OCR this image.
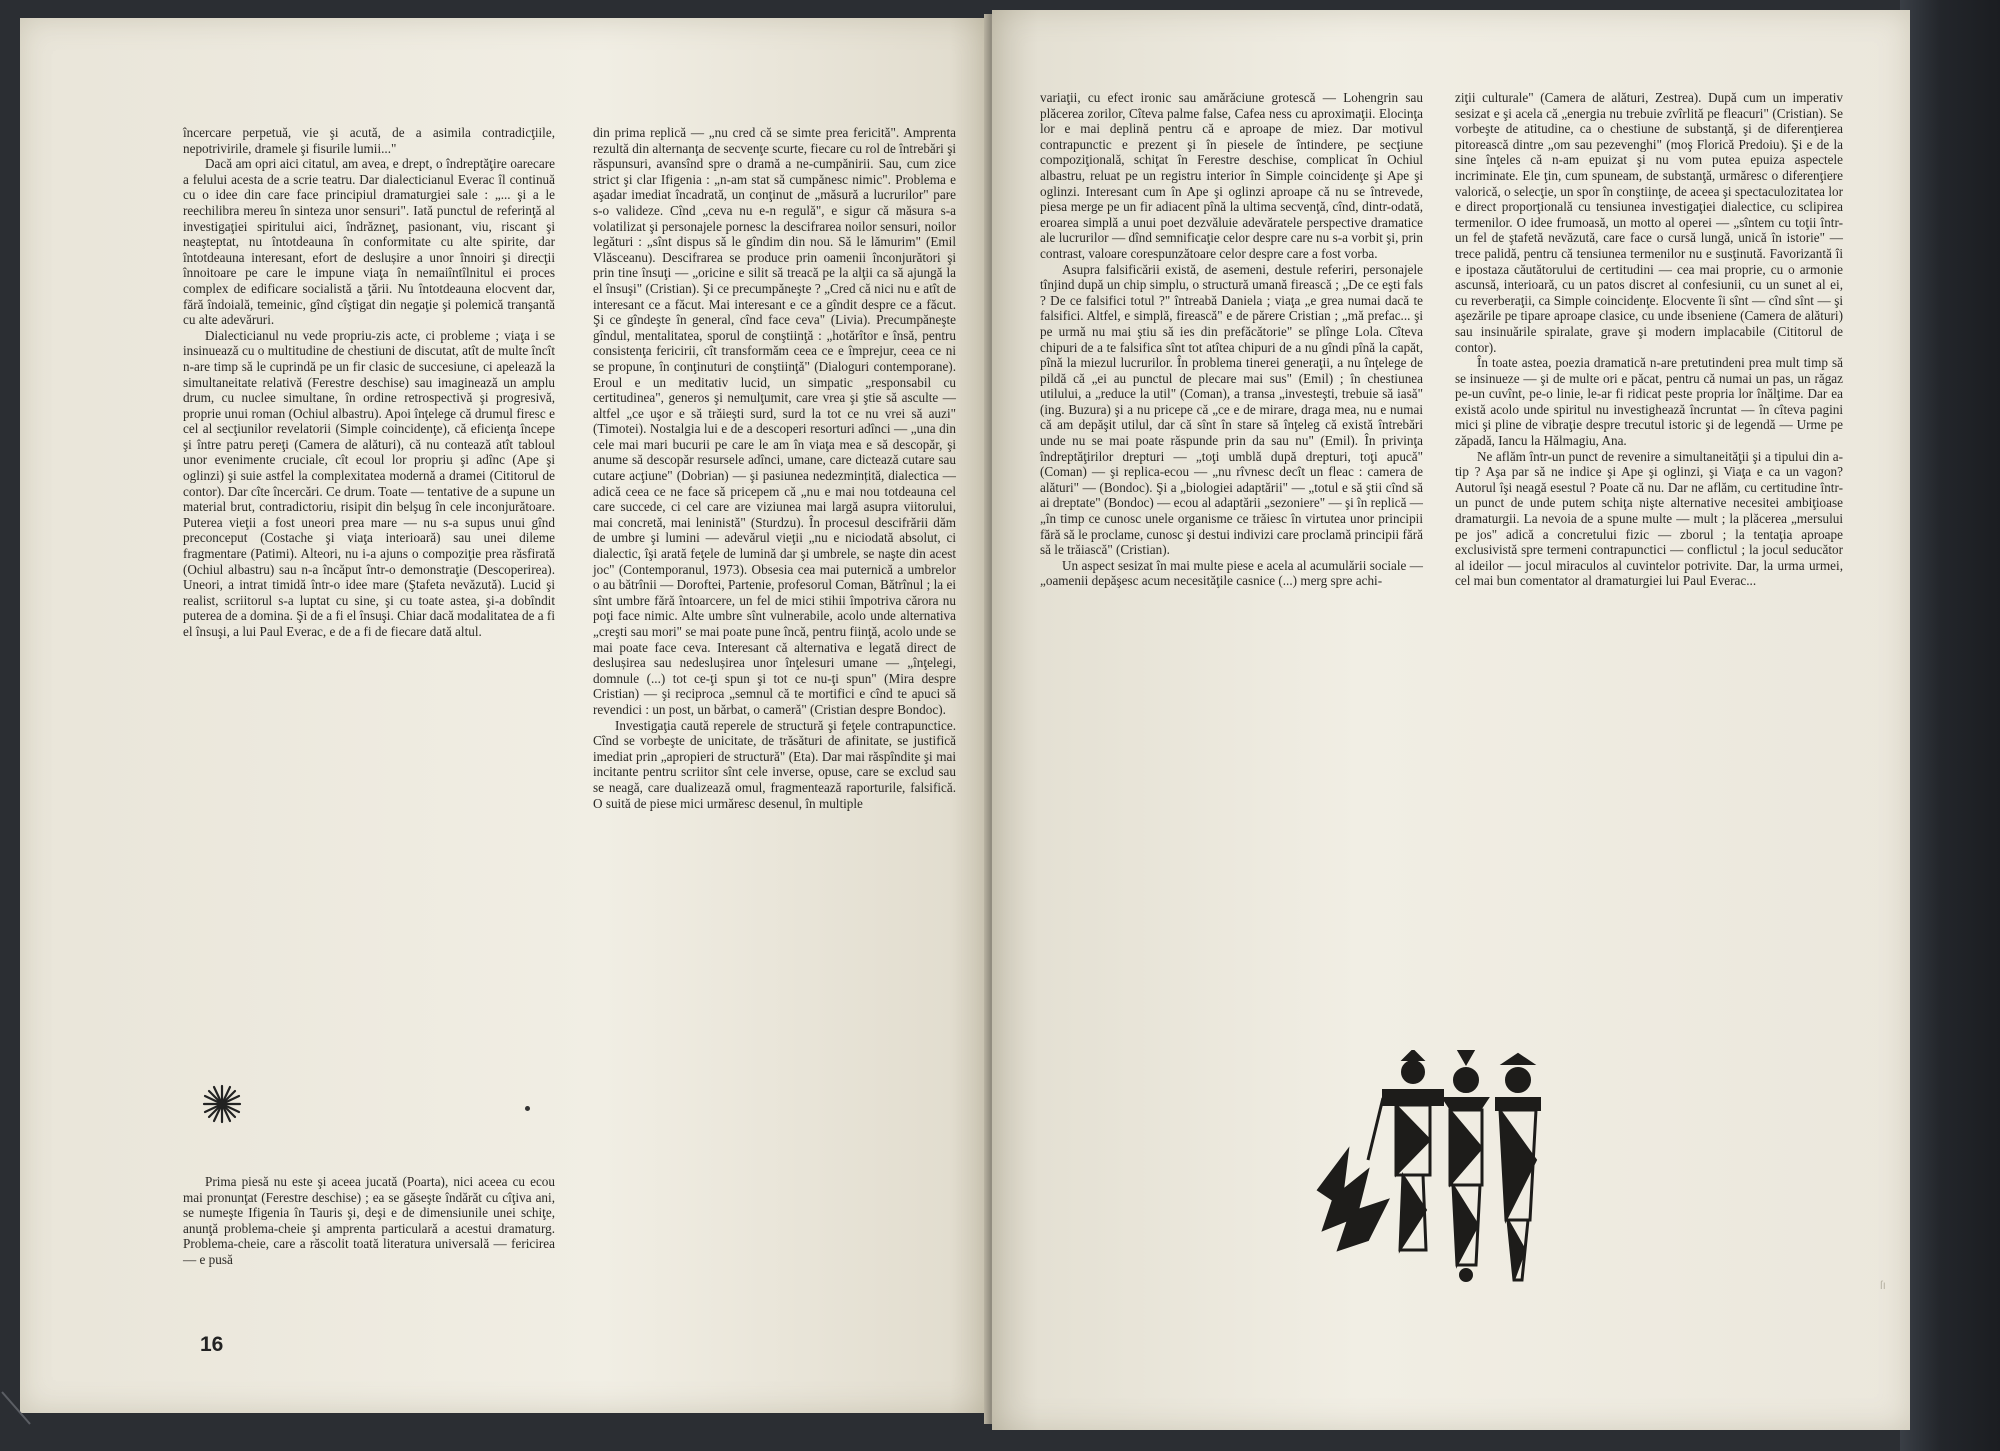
încercare perpetuă, vie şi acută, de a asimila contradicţiile, nepotrivirile, dramele şi fisurile lumii..."

Dacă am opri aici citatul, am avea, e drept, o îndreptăţire oarecare a felului acesta de a scrie teatru. Dar dialecticianul Everac îl continuă cu o idee din care face principiul dramaturgiei sale : „... şi a le reechilibra mereu în sinteza unor sensuri". Iată punctul de referinţă al investigaţiei spiritului aici, îndrăzneţ, pasionant, viu, riscant şi neaşteptat, nu întotdeauna în conformitate cu alte spirite, dar întotdeauna interesant, efort de deslușire a unor înnoiri şi direcţii înnoitoare pe care le impune viaţa în nemaiîntîlnitul ei proces complex de edificare socialistă a ţării. Nu întotdeauna elocvent dar, fără îndoială, temeinic, gînd cîştigat din negaţie şi polemică tranşantă cu alte adevăruri.

Dialecticianul nu vede propriu-zis acte, ci probleme ; viaţa i se insinuează cu o multitudine de chestiuni de discutat, atît de multe încît n-are timp să le cuprindă pe un fir clasic de succesiune, ci apelează la simultaneitate relativă (Ferestre deschise) sau imaginează un amplu drum, cu nuclee simultane, în ordine retrospectivă şi progresivă, proprie unui roman (Ochiul albastru). Apoi înţelege că drumul firesc e cel al secţiunilor revelatorii (Simple coincidenţe), că eficienţa începe şi între patru pereţi (Camera de alături), că nu contează atît tabloul unor evenimente cruciale, cît ecoul lor propriu şi adînc (Ape şi oglinzi) şi suie astfel la complexitatea modernă a dramei (Cititorul de contor). Dar cîte încercări. Ce drum. Toate — tentative de a supune un material brut, contradictoriu, risipit din belşug în cele inconjurătoare. Puterea vieţii a fost uneori prea mare — nu s-a supus unui gînd preconceput (Costache şi viaţa interioară) sau unei dileme fragmentare (Patimi). Alteori, nu i-a ajuns o compoziţie prea răsfirată (Ochiul albastru) sau n-a încăput într-o demonstraţie (Descoperirea). Uneori, a intrat timidă într-o idee mare (Ştafeta nevăzută). Lucid şi realist, scriitorul s-a luptat cu sine, şi cu toate astea, şi-a dobîndit puterea de a domina. Şi de a fi el însuşi. Chiar dacă modalitatea de a fi el însuşi, a lui Paul Everac, e de a fi de fiecare dată altul.

Prima piesă nu este şi aceea jucată (Poarta), nici aceea cu ecou mai pronunţat (Ferestre deschise) ; ea se găseşte îndărăt cu cîţiva ani, se numeşte Ifigenia în Tauris şi, deşi e de dimensiunile unei schiţe, anunţă problema-cheie şi amprenta particulară a acestui dramaturg. Problema-cheie, care a răscolit toată literatura universală — fericirea — e pusă

din prima replică — „nu cred că se simte prea fericită". Amprenta rezultă din alternanţa de secvenţe scurte, fiecare cu rol de întrebări şi răspunsuri, avansînd spre o dramă a ne-cumpănirii. Sau, cum zice strict şi clar Ifigenia : „n-am stat să cumpănesc nimic". Problema e aşadar imediat încadrată, un conţinut de „măsură a lucrurilor" pare s-o valideze. Cînd „ceva nu e-n regulă", e sigur că măsura s-a volatilizat şi personajele pornesc la descifrarea noilor sensuri, noilor legături : „sînt dispus să le gîndim din nou. Să le lămurim" (Emil Vlăsceanu). Descifrarea se produce prin oamenii înconjurători şi prin tine însuţi — „oricine e silit să treacă pe la alţii ca să ajungă la el însuşi" (Cristian). Şi ce precumpăneşte ? „Cred că nici nu e atît de interesant ce a făcut. Mai interesant e ce a gîndit despre ce a făcut. Şi ce gîndeşte în general, cînd face ceva" (Livia). Precumpăneşte gîndul, mentalitatea, sporul de conştiinţă : „hotărîtor e însă, pentru consistenţa fericirii, cît transformăm ceea ce e împrejur, ceea ce ni se propune, în conţinuturi de conştiinţă" (Dialoguri contemporane). Eroul e un meditativ lucid, un simpatic „responsabil cu certitudinea", generos şi nemulţumit, care vrea şi ştie să asculte — altfel „ce uşor e să trăieşti surd, surd la tot ce nu vrei să auzi" (Timotei). Nostalgia lui e de a descoperi resorturi adînci — „una din cele mai mari bucurii pe care le am în viaţa mea e să descopăr, şi anume să descopăr resursele adînci, umane, care dictează cutare sau cutare acţiune" (Dobrian) — şi pasiunea nedezmințită, dialectica — adică ceea ce ne face să pricepem că „nu e mai nou totdeauna cel care succede, ci cel care are viziunea mai largă asupra viitorului, mai concretă, mai leninistă" (Sturdzu). În procesul descifrării dăm de umbre şi lumini — adevărul vieţii „nu e niciodată absolut, ci dialectic, îşi arată feţele de lumină dar şi umbrele, se naşte din acest joc" (Contemporanul, 1973). Obsesia cea mai puternică a umbrelor o au bătrînii — Doroftei, Partenie, profesorul Coman, Bătrînul ; la ei sînt umbre fără întoarcere, un fel de mici stihii împotriva cărora nu poţi face nimic. Alte umbre sînt vulnerabile, acolo unde alternativa „creşti sau mori" se mai poate pune încă, pentru fiinţă, acolo unde se mai poate face ceva. Interesant că alternativa e legată direct de deslușirea sau nedeslușirea unor înţelesuri umane — „înţelegi, domnule (...) tot ce-ţi spun şi tot ce nu-ţi spun" (Mira despre Cristian) — şi reciproca „semnul că te mortifici e cînd te apuci să revendici : un post, un bărbat, o cameră" (Cristian despre Bondoc).

Investigaţia caută reperele de structură şi feţele contrapunctice. Cînd se vorbeşte de unicitate, de trăsături de afinitate, se justifică imediat prin „apropieri de structură" (Eta). Dar mai răspîndite şi mai incitante pentru scriitor sînt cele inverse, opuse, care se exclud sau se neagă, care dualizează omul, fragmentează raporturile, falsifică. O suită de piese mici urmăresc desenul, în multiple

16

variaţii, cu efect ironic sau amărăciune grotescă — Lohengrin sau plăcerea zorilor, Cîteva palme false, Cafea ness cu aproximaţii. Elocinţa lor e mai deplină pentru că e aproape de miez. Dar motivul contrapunctic e prezent şi în piesele de întindere, pe secţiune compoziţională, schiţat în Ferestre deschise, complicat în Ochiul albastru, reluat pe un registru interior în Simple coincidenţe şi Ape şi oglinzi. Interesant cum în Ape şi oglinzi aproape că nu se întrevede, piesa merge pe un fir adiacent pînă la ultima secvenţă, cînd, dintr-odată, eroarea simplă a unui poet dezvăluie adevăratele perspective dramatice ale lucrurilor — dînd semnificaţie celor despre care nu s-a vorbit şi, prin contrast, valoare corespunzătoare celor despre care a fost vorba.

Asupra falsificării există, de asemeni, destule referiri, personajele tînjind după un chip simplu, o structură umană firească ; „De ce eşti fals ? De ce falsifici totul ?" întreabă Daniela ; viaţa „e grea numai dacă te falsifici. Altfel, e simplă, firească" e de părere Cristian ; „mă prefac... şi pe urmă nu mai ştiu să ies din prefăcătorie" se plînge Lola. Cîteva chipuri de a te falsifica sînt tot atîtea chipuri de a nu gîndi pînă la capăt, pînă la miezul lucrurilor. În problema tinerei generaţii, a nu înţelege de pildă că „ei au punctul de plecare mai sus" (Emil) ; în chestiunea utilului, a „reduce la util" (Coman), a transa „investeşti, trebuie să iasă" (ing. Buzura) şi a nu pricepe că „ce e de mirare, draga mea, nu e numai că am depăşit utilul, dar că sînt în stare să înţeleg că există întrebări unde nu se mai poate răspunde prin da sau nu" (Emil). În privinţa îndreptăţirilor drepturi — „toţi umblă după drepturi, toţi apucă" (Coman) — şi replica-ecou — „nu rîvnesc decît un fleac : camera de alături" — (Bondoc). Şi a „biologiei adaptării" — „totul e să ştii cînd să ai dreptate" (Bondoc) — ecou al adaptării „sezoniere" — şi în replică — „în timp ce cunosc unele organisme ce trăiesc în virtutea unor principii fără să le proclame, cunosc şi destui indivizi care proclamă principii fără să le trăiască" (Cristian).

Un aspect sesizat în mai multe piese e acela al acumulării sociale — „oamenii depăşesc acum necesităţile casnice (...) merg spre achi-

ziţii culturale" (Camera de alături, Zestrea). După cum un imperativ sesizat e şi acela că „energia nu trebuie zvîrlită pe fleacuri" (Cristian). Se vorbeşte de atitudine, ca o chestiune de substanţă, şi de diferenţierea pitorească dintre „om sau pezevenghi" (moş Florică Predoiu). Şi e de la sine înţeles că n-am epuizat şi nu vom putea epuiza aspectele incriminate. Ele ţin, cum spuneam, de substanţă, urmăresc o diferenţiere valorică, o selecţie, un spor în conştiinţe, de aceea şi spectaculozitatea lor e direct proporţională cu tensiunea investigaţiei dialectice, cu sclipirea termenilor. O idee frumoasă, un motto al operei — „sîntem cu toţii într-un fel de ştafetă nevăzută, care face o cursă lungă, unică în istorie" — trece palidă, pentru că tensiunea termenilor nu e susţinută. Favorizantă îi e ipostaza căutătorului de certitudini — cea mai proprie, cu o armonie ascunsă, interioară, cu un patos discret al confesiunii, cu un sunet al ei, cu reverberaţii, ca Simple coincidenţe. Elocvente îi sînt — cînd sînt — şi aşezările pe tipare aproape clasice, cu unde ibseniene (Camera de alături) sau insinuările spiralate, grave şi modern implacabile (Cititorul de contor).

În toate astea, poezia dramatică n-are pretutindeni prea mult timp să se insinueze — şi de multe ori e păcat, pentru că numai un pas, un răgaz pe-un cuvînt, pe-o linie, le-ar fi ridicat peste propria lor înălţime. Dar ea există acolo unde spiritul nu investighează încruntat — în cîteva pagini mici şi pline de vibraţie despre trecutul istoric şi de legendă — Urme pe zăpadă, Iancu la Hălmagiu, Ana.

Ne aflăm într-un punct de revenire a simultaneităţii şi a tipului din a-tip ? Aşa par să ne indice şi Ape şi oglinzi, şi Viaţa e ca un vagon? Autorul îşi neagă esestul ? Poate că nu. Dar ne aflăm, cu certitudine într-un punct de unde putem schiţa nişte alternative necesitei ambiţioase dramaturgii. La nevoia de a spune multe — mult ; la plăcerea „mersului pe jos" adică a concretului fizic — zborul ; la tentaţia aproape exclusivistă spre termeni contrapunctici — conflictul ; la jocul seducător al ideilor — jocul miraculos al cuvintelor potrivite. Dar, la urma urmei, cel mai bun comentator al dramaturgiei lui Paul Everac...

ſı
